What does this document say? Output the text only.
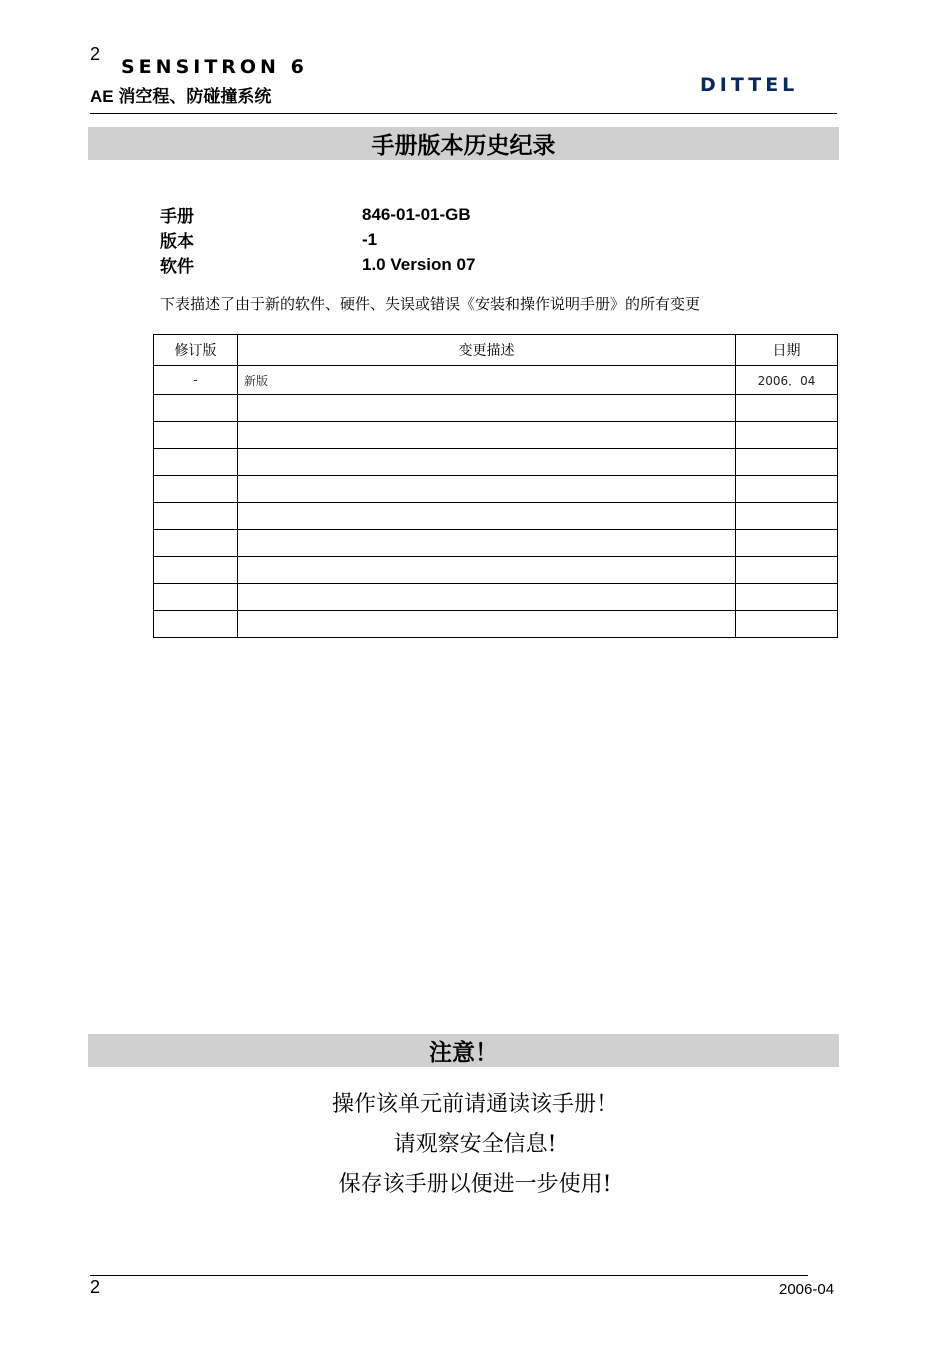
2
SENSITRON 6
AE 消空程、防碰撞系统
DITTEL
手册版本历史纪录
手册	846-01-01-GB
版本	-1
软件	1.0 Version 07
下表描述了由于新的软件、硬件、失误或错误《安装和操作说明手册》的所有变更
修订版	变更描述	日期
-	新版	2006．04

注意！
操作该单元前请通读该手册！
请观察安全信息!
保存该手册以便进一步使用!
2	2006-04
